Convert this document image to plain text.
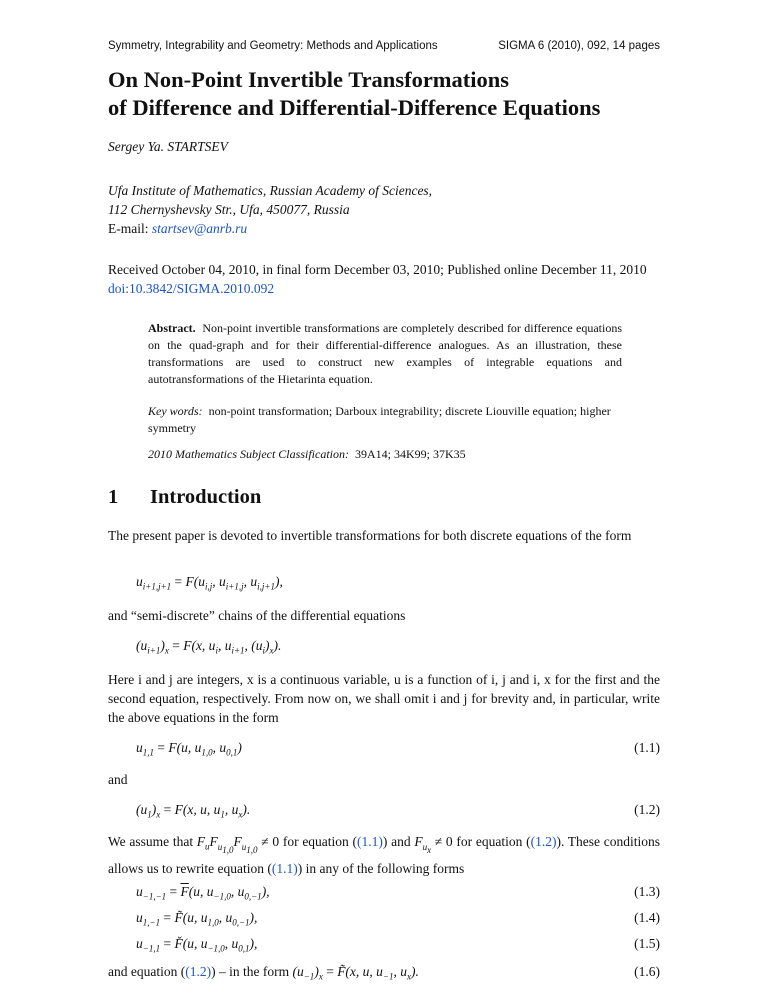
Symmetry, Integrability and Geometry: Methods and Applications	SIGMA 6 (2010), 092, 14 pages
On Non-Point Invertible Transformations
of Difference and Differential-Difference Equations
Sergey Ya. STARTSEV
Ufa Institute of Mathematics, Russian Academy of Sciences,
112 Chernyshevsky Str., Ufa, 450077, Russia
E-mail: startsev@anrb.ru
Received October 04, 2010, in final form December 03, 2010; Published online December 11, 2010
doi:10.3842/SIGMA.2010.092
Abstract. Non-point invertible transformations are completely described for difference equations on the quad-graph and for their differential-difference analogues. As an illustration, these transformations are used to construct new examples of integrable equations and autotransformations of the Hietarinta equation.
Key words: non-point transformation; Darboux integrability; discrete Liouville equation; higher symmetry
2010 Mathematics Subject Classification: 39A14; 34K99; 37K35
1 Introduction
The present paper is devoted to invertible transformations for both discrete equations of the form
$u_{i+1,j+1} = F(u_{i,j}$, $u_{i+1,j}$, $u_{i,j+1}$),
and “semi-discrete” chains of the differential equations
$(u_{i+1})_x = F(x$, $u_i$, $u_{i+1}$, $(u_i)_x$).
Here i and j are integers, x is a continuous variable, u is a function of i, j and i, x for the first and the second equation, respectively. From now on, we shall omit i and j for brevity and, in particular, write the above equations in the form
$u_{1,1} = F(u$, $u_{1,0}$, $u_{0,1}$)	(1.1)
and
$(u_1)_x = F(x$, u, $u_1$, $u_x$).	(1.2)
We assume that $F_uF_{u_{1,0}}F_{u_{1,0}} \ne 0$ for equation ((1.1)) and $F_{u_x} \ne 0$ for equation ((1.2)). These conditions allows us to rewrite equation ((1.1)) in any of the following forms
$u_{-1,-1} = \overline{F}(u$, $u_{-1,0}$, $u_{0,-1}$),	(1.3)
$u_{1,-1}$ = F̃(u, $u_{1,0}$, $u_{0,-1}$),	(1.4)
$u_{-1,1}$ = F̌(u, $u_{-1,0}$, $u_{0,1}$),	(1.5)
and equation ((1.2)) – in the form $(u_{-1})_x$ = F̃(x, u, $u_{-1}$, $u_x$).	(1.6)
